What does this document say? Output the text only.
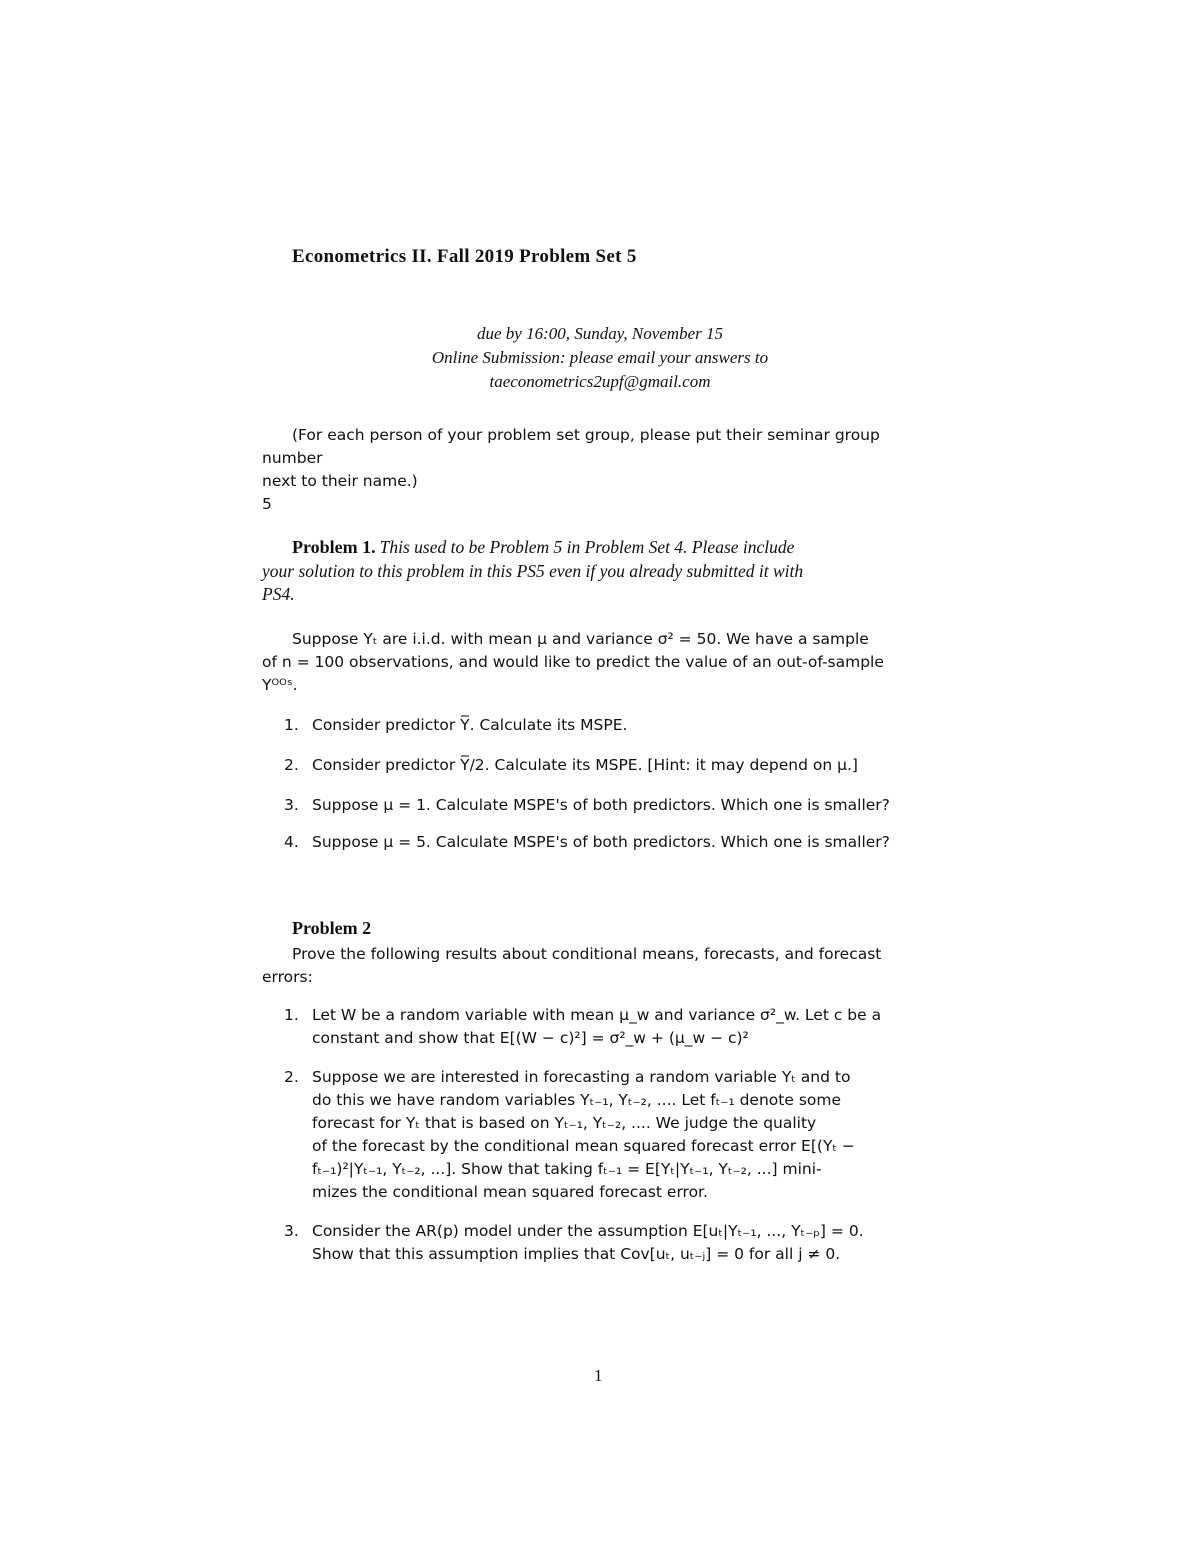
Econometrics II. Fall 2019 Problem Set 5
due by 16:00, Sunday, November 15
Online Submission: please email your answers to
taeconometrics2upf@gmail.com
(For each person of your problem set group, please put their seminar group number
next to their name.)
5
Problem 1. This used to be Problem 5 in Problem Set 4. Please include
your solution to this problem in this PS5 even if you already submitted it with
PS4.
Suppose Yₜ are i.i.d. with mean μ and variance σ² = 50. We have a sample
of n = 100 observations, and would like to predict the value of an out-of-sample
Yᴼᴼˢ.
1. Consider predictor Y̅. Calculate its MSPE.
2. Consider predictor Y̅/2. Calculate its MSPE. [Hint: it may depend on μ.]
3. Suppose μ = 1. Calculate MSPE's of both predictors. Which one is smaller?
4. Suppose μ = 5. Calculate MSPE's of both predictors. Which one is smaller?
Problem 2
Prove the following results about conditional means, forecasts, and forecast
errors:
1. Let W be a random variable with mean μ_w and variance σ²_w. Let c be a
constant and show that E[(W − c)²] = σ²_w + (μ_w − c)²
2. Suppose we are interested in forecasting a random variable Yₜ and to
do this we have random variables Yₜ₋₁, Yₜ₋₂, .... Let fₜ₋₁ denote some
forecast for Yₜ that is based on Yₜ₋₁, Yₜ₋₂, .... We judge the quality
of the forecast by the conditional mean squared forecast error E[(Yₜ −
fₜ₋₁)²|Yₜ₋₁, Yₜ₋₂, ...]. Show that taking fₜ₋₁ = E[Yₜ|Yₜ₋₁, Yₜ₋₂, ...] mini-
mizes the conditional mean squared forecast error.
3. Consider the AR(p) model under the assumption E[uₜ|Yₜ₋₁, ..., Yₜ₋ₚ] = 0.
Show that this assumption implies that Cov[uₜ, uₜ₋ⱼ] = 0 for all j ≠ 0.
1
